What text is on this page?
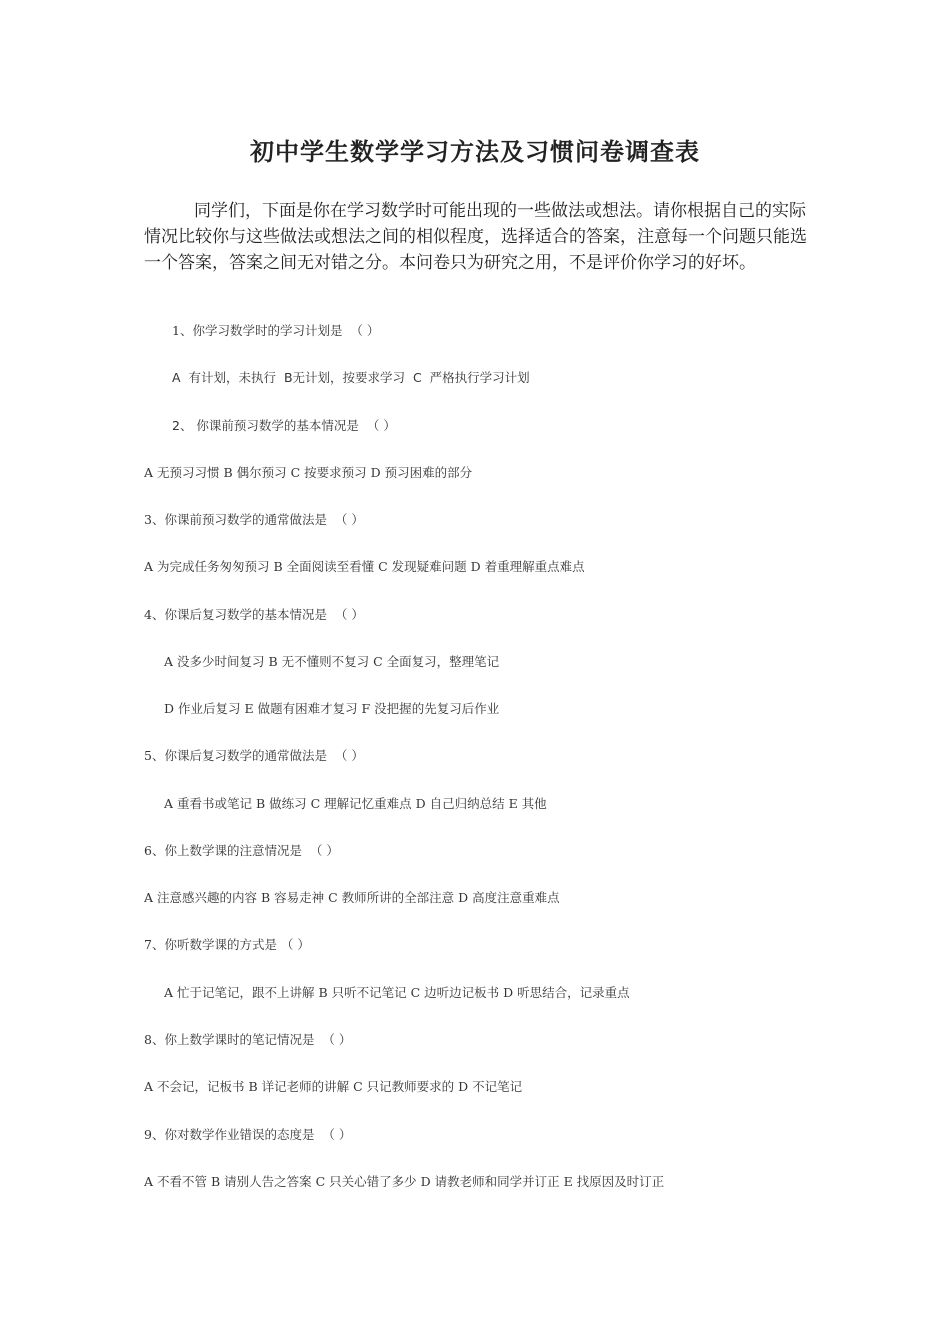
初中学生数学学习方法及习惯问卷调查表
同学们，下面是你在学习数学时可能出现的一些做法或想法。请你根据自己的实际情况比较你与这些做法或想法之间的相似程度，选择适合的答案，注意每一个问题只能选一个答案，答案之间无对错之分。本问卷只为研究之用，不是评价你学习的好坏。
1、你学习数学时的学习计划是  （ ）
A  有计划，未执行  B无计划，按要求学习  C  严格执行学习计划
2、 你课前预习数学的基本情况是  （ ）
A 无预习习惯 B 偶尔预习 C 按要求预习 D 预习困难的部分
3、你课前预习数学的通常做法是  （ ）
A 为完成任务匆匆预习 B 全面阅读至看懂 C 发现疑难问题 D 着重理解重点难点
4、你课后复习数学的基本情况是  （ ）
A 没多少时间复习 B 无不懂则不复习 C 全面复习，整理笔记
D 作业后复习 E 做题有困难才复习 F 没把握的先复习后作业
5、你课后复习数学的通常做法是  （ ）
A 重看书或笔记 B 做练习 C 理解记忆重难点 D 自己归纳总结 E 其他
6、你上数学课的注意情况是  （ ）
A 注意感兴趣的内容 B 容易走神 C 教师所讲的全部注意 D 高度注意重难点
7、你听数学课的方式是 （ ）
A 忙于记笔记，跟不上讲解 B 只听不记笔记 C 边听边记板书 D 听思结合，记录重点
8、你上数学课时的笔记情况是  （ ）
A 不会记，记板书 B 详记老师的讲解 C 只记教师要求的 D 不记笔记
9、你对数学作业错误的态度是  （ ）
A 不看不管 B 请别人告之答案 C 只关心错了多少 D 请教老师和同学并订正 E 找原因及时订正
